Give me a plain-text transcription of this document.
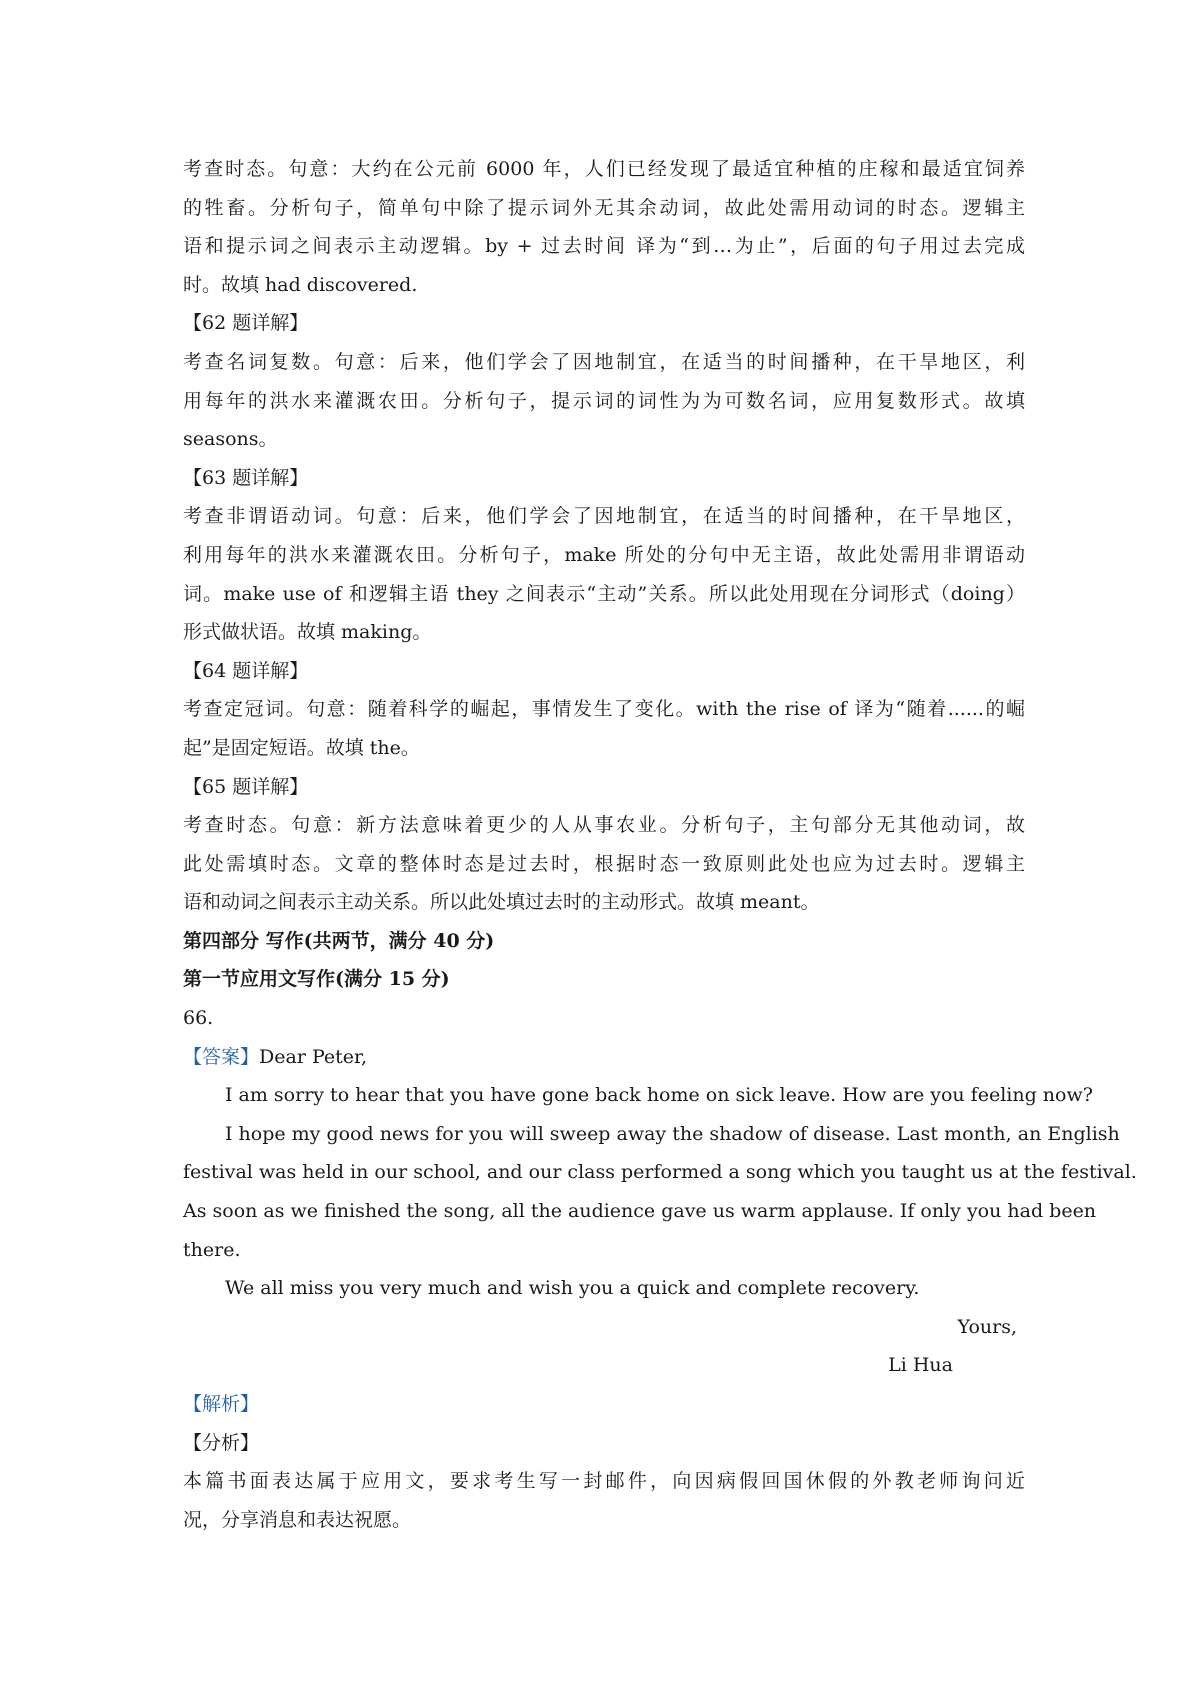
考查时态。句意：大约在公元前 6000 年，人们已经发现了最适宜种植的庄稼和最适宜饲养
的牲畜。分析句子，简单句中除了提示词外无其余动词，故此处需用动词的时态。逻辑主
语和提示词之间表示主动逻辑。by + 过去时间 译为“到…为止”，后面的句子用过去完成
时。故填 had discovered.
【62 题详解】
考查名词复数。句意：后来，他们学会了因地制宜，在适当的时间播种，在干旱地区，利
用每年的洪水来灌溉农田。分析句子，提示词的词性为为可数名词，应用复数形式。故填
seasons。
【63 题详解】
考查非谓语动词。句意：后来，他们学会了因地制宜，在适当的时间播种，在干旱地区，
利用每年的洪水来灌溉农田。分析句子，make 所处的分句中无主语，故此处需用非谓语动
词。make use of 和逻辑主语 they 之间表示“主动”关系。所以此处用现在分词形式（doing）
形式做状语。故填 making。
【64 题详解】
考查定冠词。句意：随着科学的崛起，事情发生了变化。with the rise of 译为“随着......的崛
起”是固定短语。故填 the。
【65 题详解】
考查时态。句意：新方法意味着更少的人从事农业。分析句子，主句部分无其他动词，故
此处需填时态。文章的整体时态是过去时，根据时态一致原则此处也应为过去时。逻辑主
语和动词之间表示主动关系。所以此处填过去时的主动形式。故填 meant。
第四部分 写作(共两节，满分 40 分)
第一节应用文写作(满分 15 分)
66.
【答案】Dear Peter,
I am sorry to hear that you have gone back home on sick leave. How are you feeling now?
I hope my good news for you will sweep away the shadow of disease. Last month, an English
festival was held in our school, and our class performed a song which you taught us at the festival.
As soon as we finished the song, all the audience gave us warm applause. If only you had been
there.
We all miss you very much and wish you a quick and complete recovery.
Yours,
Li Hua
【解析】
【分析】
本篇书面表达属于应用文，要求考生写一封邮件，向因病假回国休假的外教老师询问近
况，分享消息和表达祝愿。
